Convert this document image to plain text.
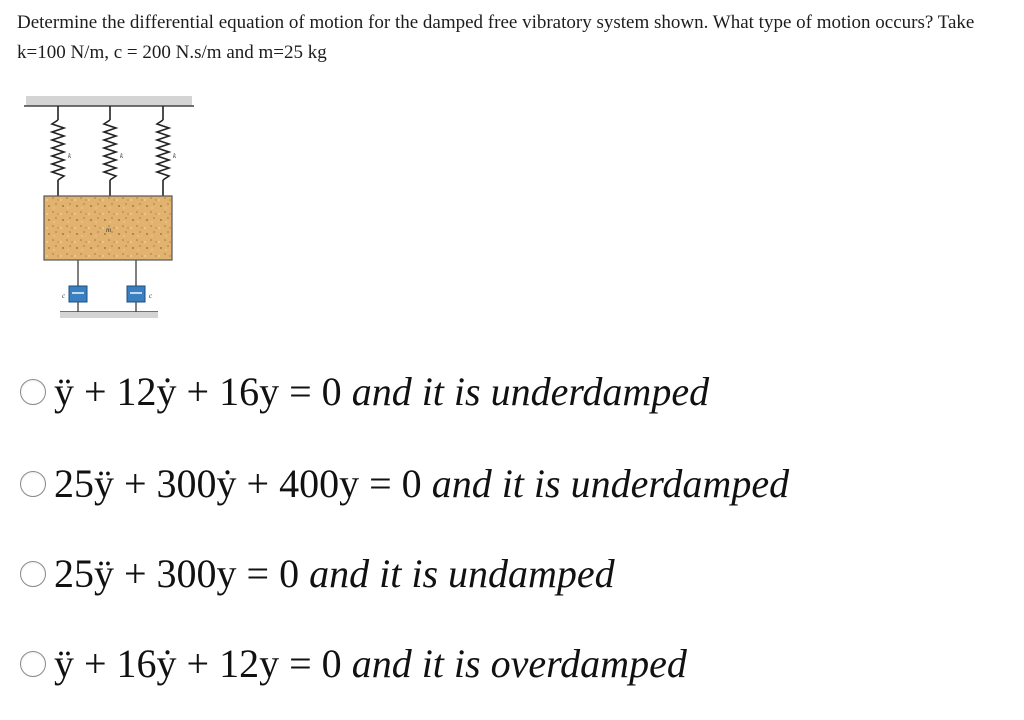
Determine the differential equation of motion for the damped free vibratory system shown. What type of motion occurs? Take k=100 N/m, c = 200 N.s/m and m=25 kg
k	k	k
m
c	c
ÿ + 12ẏ + 16y = 0 and it is underdamped
25ÿ + 300ẏ + 400y = 0 and it is underdamped
25ÿ + 300y = 0 and it is undamped
ÿ + 16ẏ + 12y = 0 and it is overdamped
